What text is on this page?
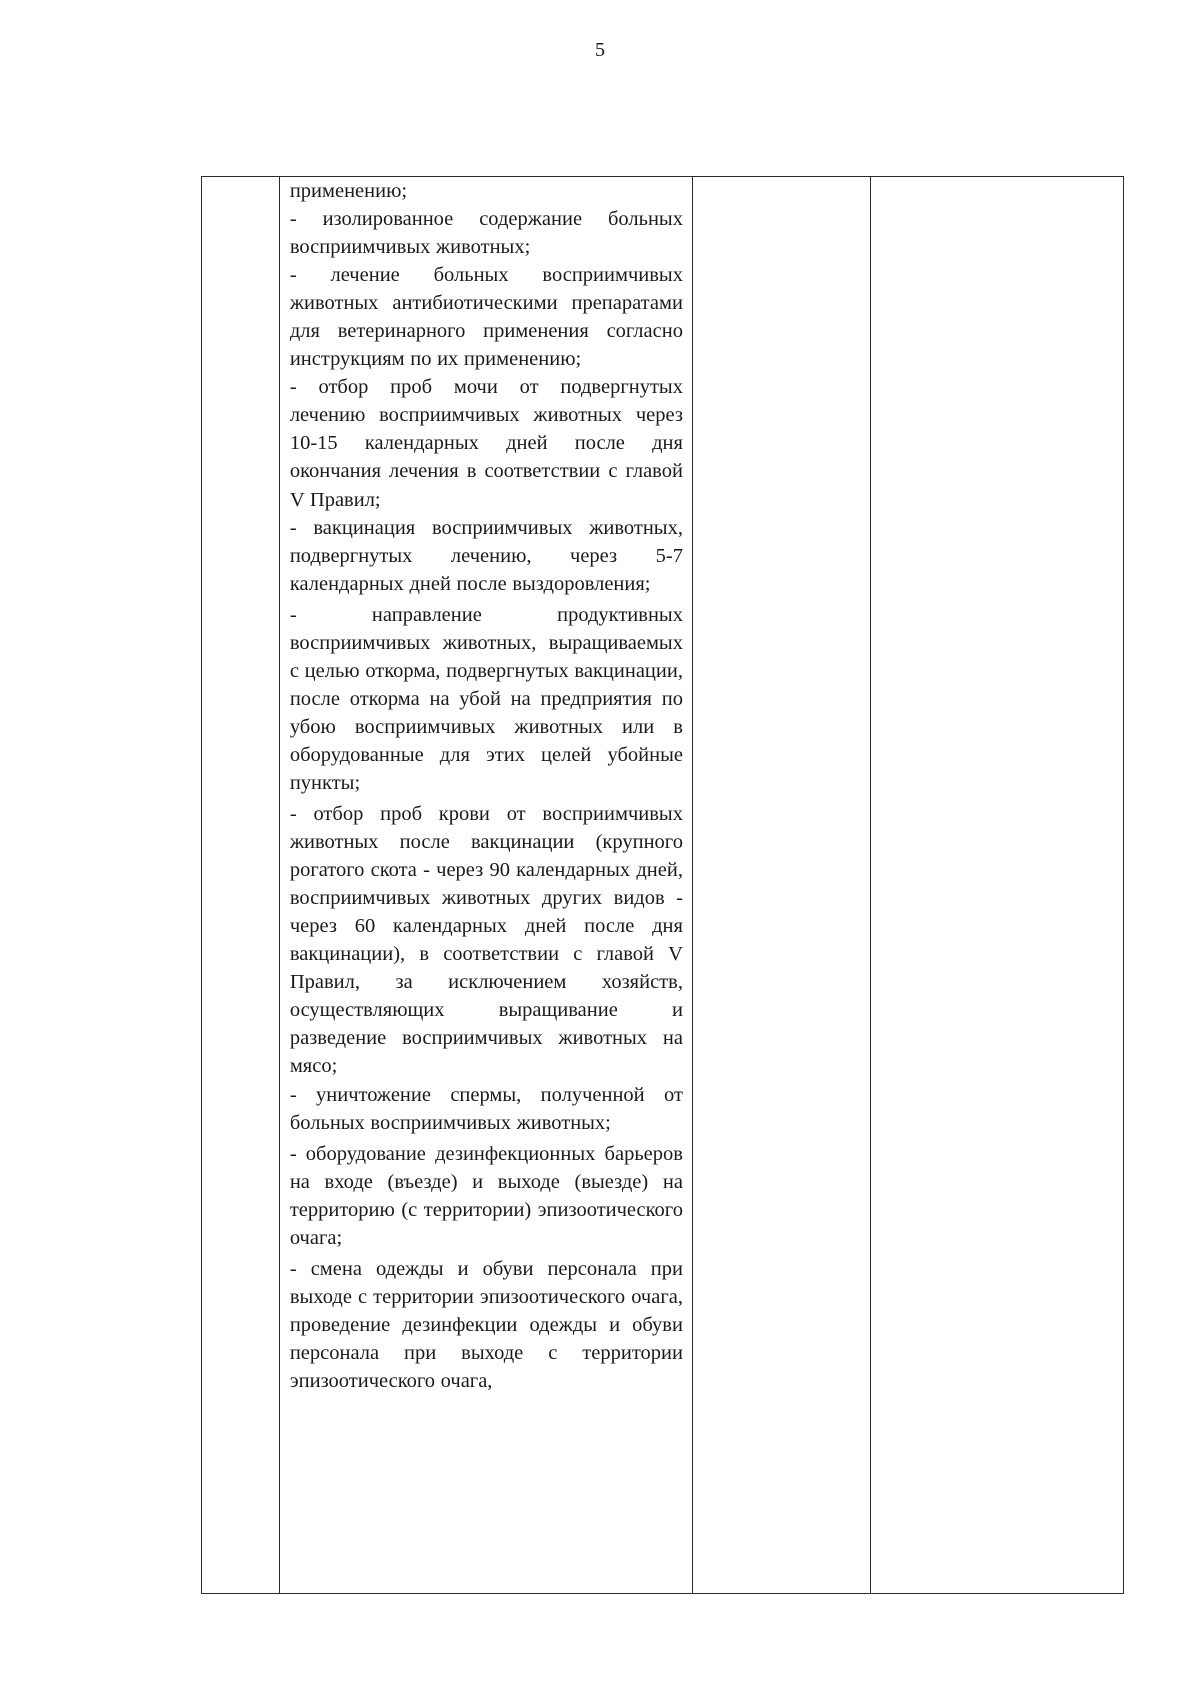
5
применению;
- изолированное содержание больных восприимчивых животных;
- лечение больных восприимчивых животных антибиотическими препаратами для ветеринарного применения согласно инструкциям по их применению;
- отбор проб мочи от подвергнутых лечению восприимчивых животных через 10-15 календарных дней после дня окончания лечения в соответствии с главой V Правил;
- вакцинация восприимчивых животных, подвергнутых лечению, через 5-7 календарных дней после выздоровления;
- направление продуктивных восприимчивых животных, выращиваемых с целью откорма, подвергнутых вакцинации, после откорма на убой на предприятия по убою восприимчивых животных или в оборудованные для этих целей убойные пункты;
- отбор проб крови от восприимчивых животных после вакцинации (крупного рогатого скота - через 90 календарных дней, восприимчивых животных других видов - через 60 календарных дней после дня вакцинации), в соответствии с главой V Правил, за исключением хозяйств, осуществляющих выращивание и разведение восприимчивых животных на мясо;
- уничтожение спермы, полученной от больных восприимчивых животных;
- оборудование дезинфекционных барьеров на входе (въезде) и выходе (выезде) на территорию (с территории) эпизоотического очага;
- смена одежды и обуви персонала при выходе с территории эпизоотического очага, проведение дезинфекции одежды и обуви персонала при выходе с территории эпизоотического очага,
